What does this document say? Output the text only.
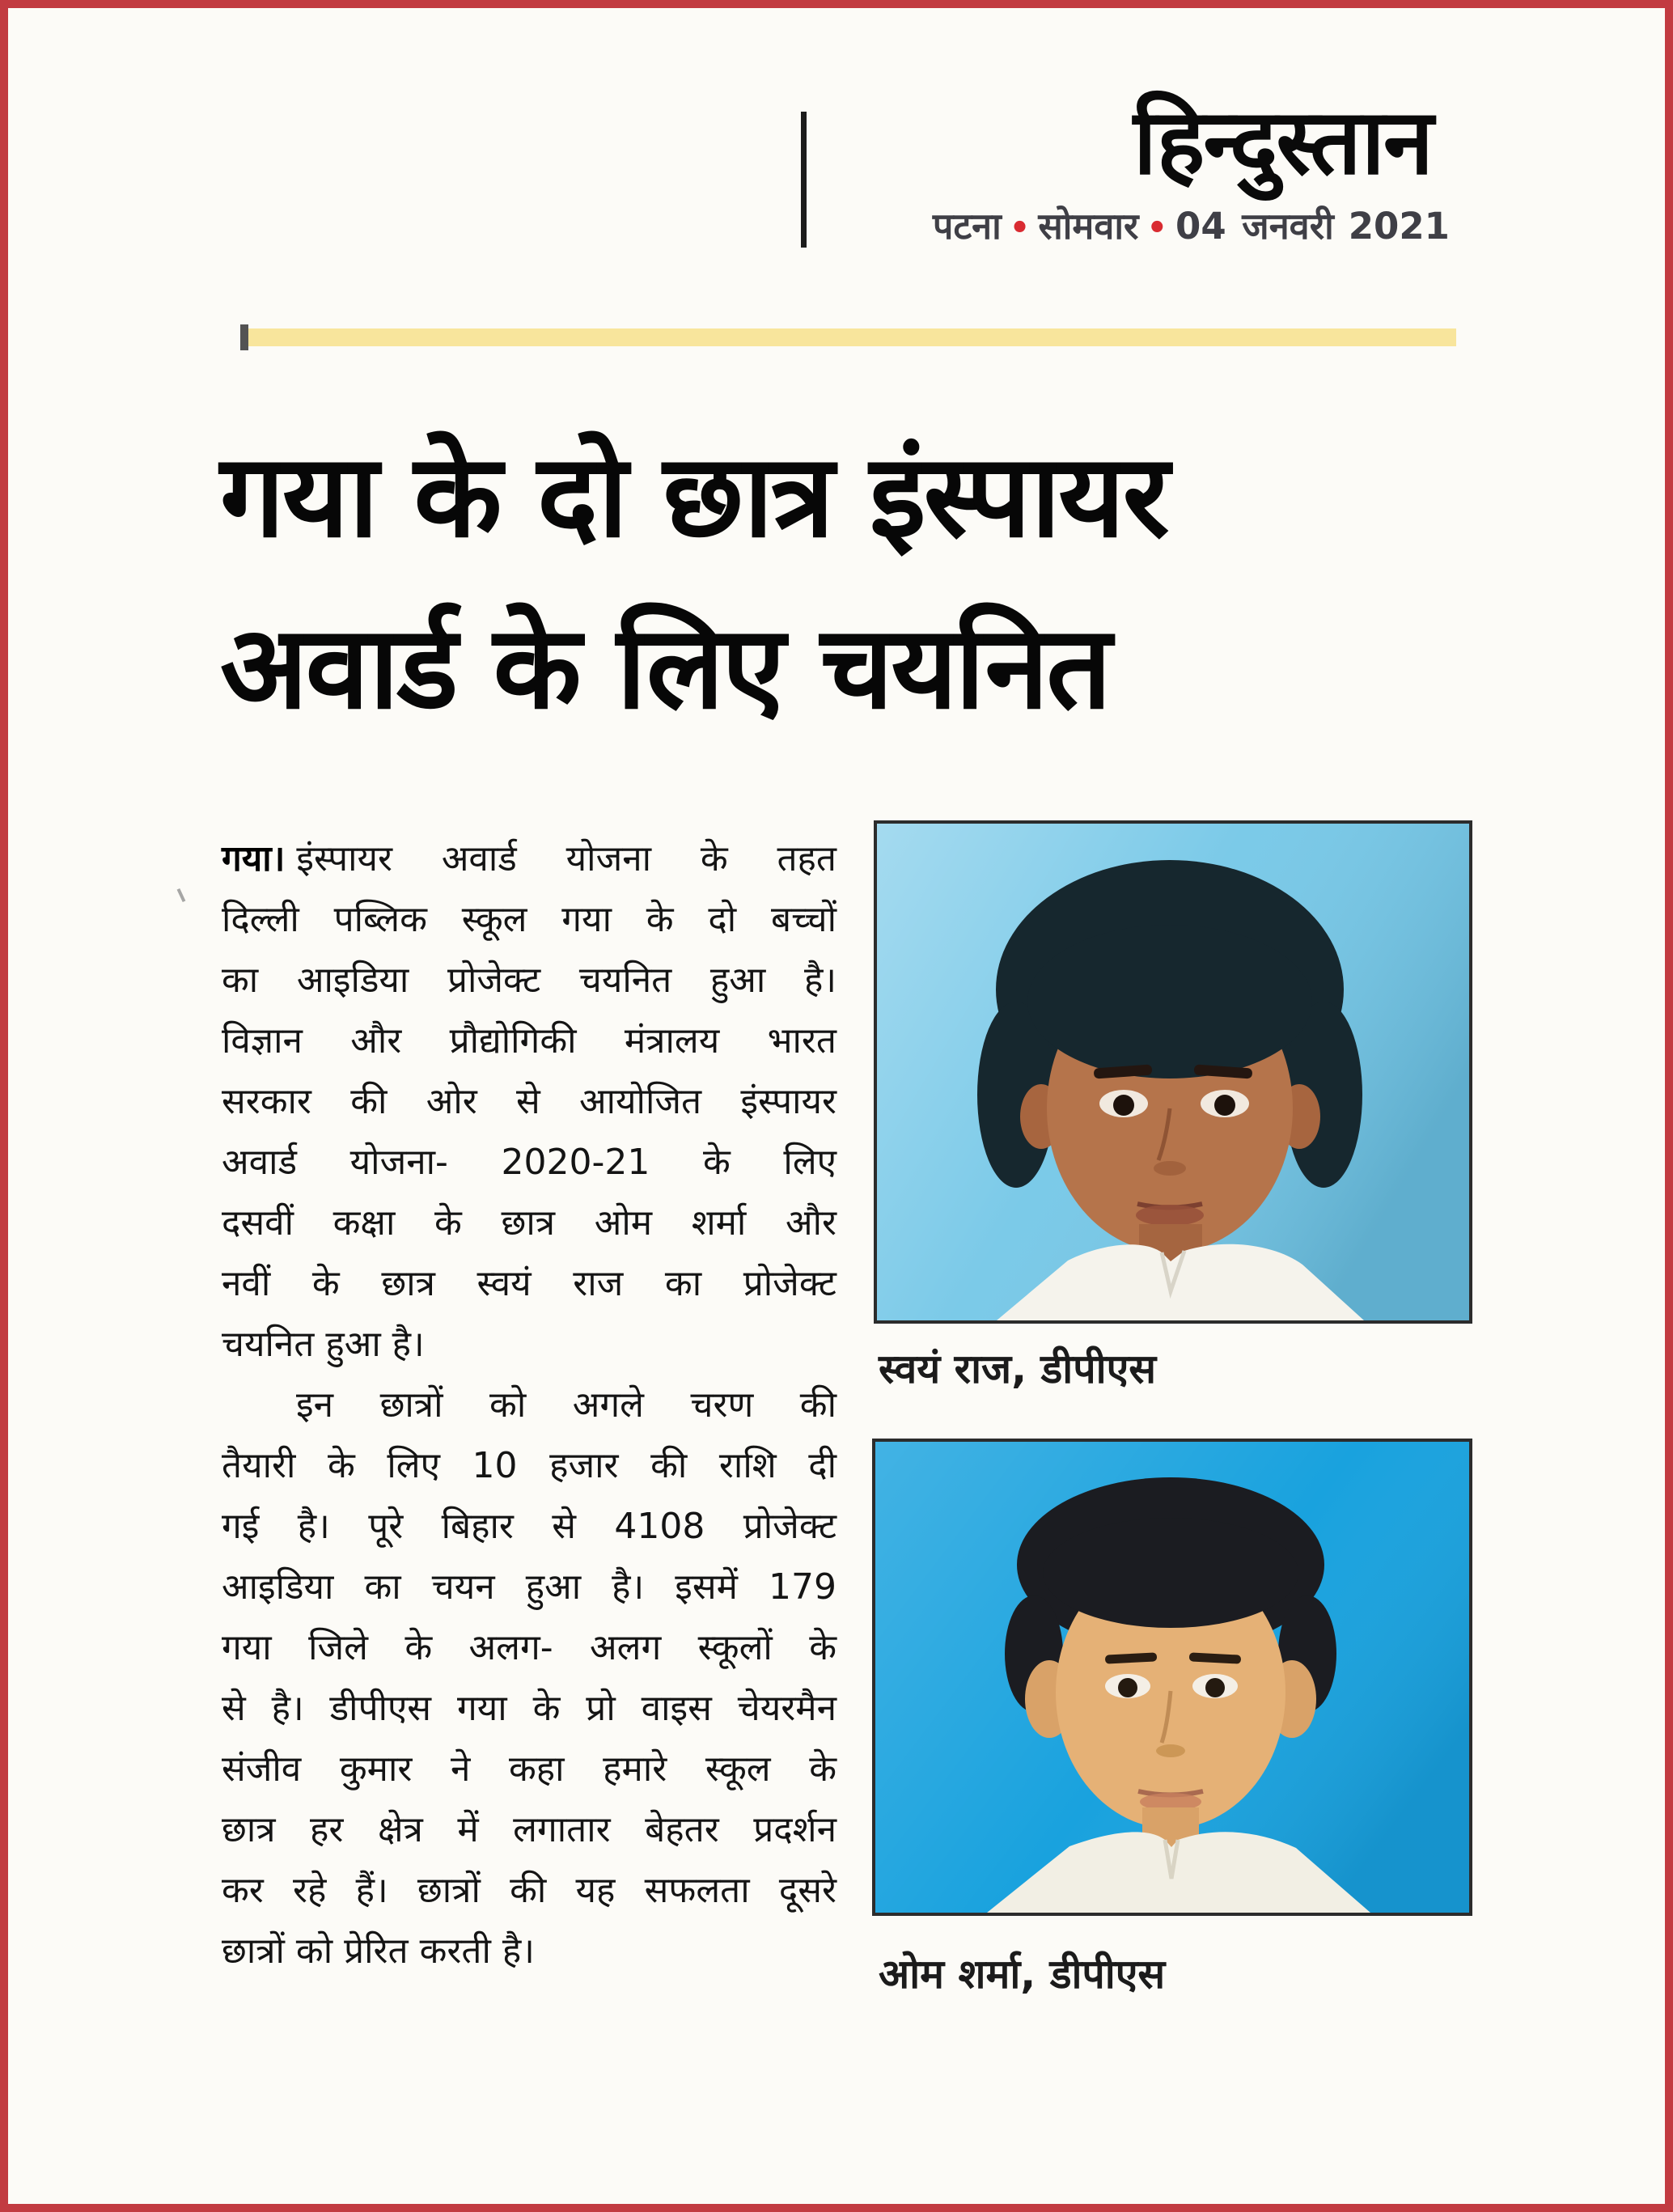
हिन्दुस्तान
पटना • सोमवार • 04 जनवरी 2021
गया के दो छात्र इंस्पायर
अवार्ड के लिए चयनित
गया। इंस्पायर अवार्ड योजना के तहत
दिल्ली पब्लिक स्कूल गया के दो बच्चों
का आइडिया प्रोजेक्ट चयनित हुआ है।
विज्ञान और प्रौद्योगिकी मंत्रालय भारत
सरकार की ओर से आयोजित इंस्पायर
अवार्ड योजना- 2020-21 के लिए
दसवीं कक्षा के छात्र ओम शर्मा और
नवीं के छात्र स्वयं राज का प्रोजेक्ट
चयनित हुआ है।
इन छात्रों को अगले चरण की
तैयारी के लिए 10 हजार की राशि दी
गई है। पूरे बिहार से 4108 प्रोजेक्ट
आइडिया का चयन हुआ है। इसमें 179
गया जिले के अलग- अलग स्कूलों के
से है। डीपीएस गया के प्रो वाइस चेयरमैन
संजीव कुमार ने कहा हमारे स्कूल के
छात्र हर क्षेत्र में लगातार बेहतर प्रदर्शन
कर रहे हैं। छात्रों की यह सफलता दूसरे
छात्रों को प्रेरित करती है।
स्वयं राज, डीपीएस
ओम शर्मा, डीपीएस
